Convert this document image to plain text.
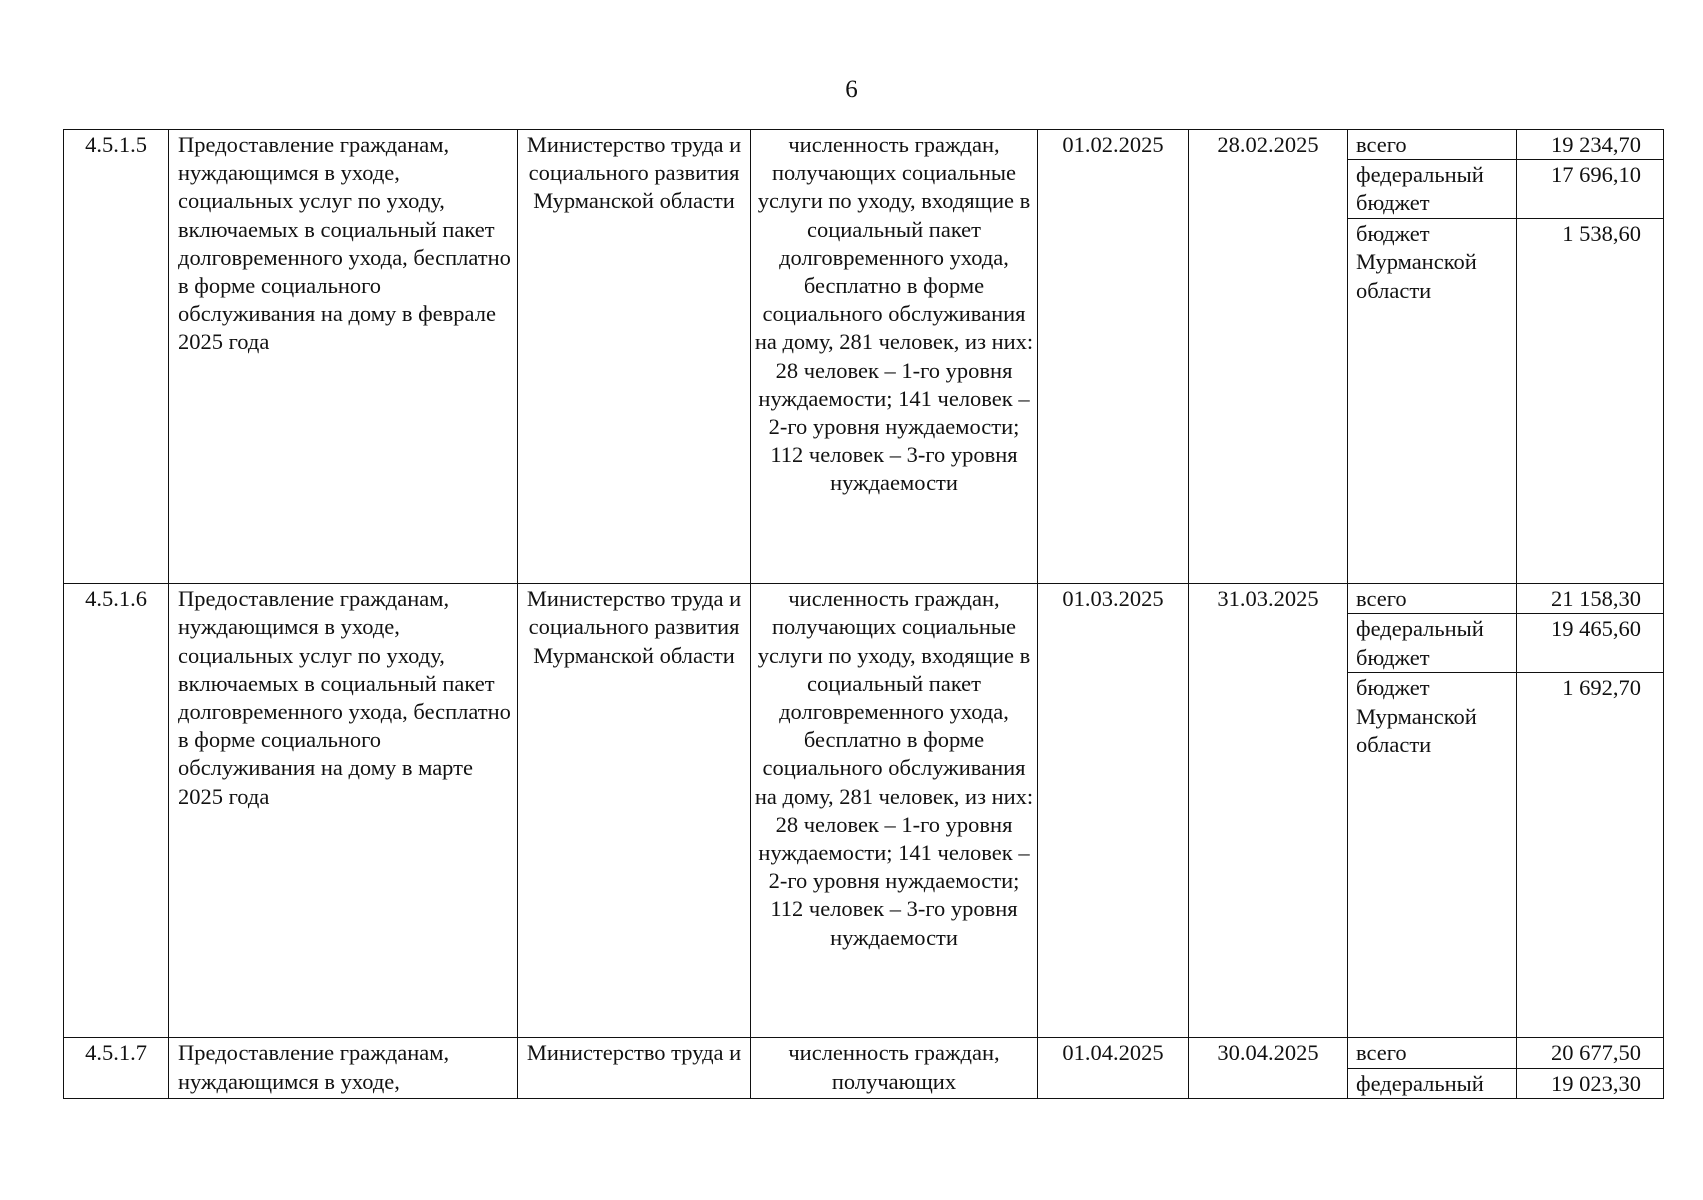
6
4.5.1.5	Предоставление гражданам, нуждающимся в уходе, социальных услуг по уходу, включаемых в социальный пакет долговременного ухода, бесплатно в форме социального обслуживания на дому в феврале 2025 года	Министерство труда и социального развития Мурманской области	численность граждан, получающих социальные услуги по уходу, входящие в социальный пакет долговременного ухода, бесплатно в форме социального обслуживания на дому, 281 человек, из них: 28 человек – 1-го уровня нуждаемости; 141 человек – 2-го уровня нуждаемости; 112 человек – 3-го уровня нуждаемости	01.02.2025	28.02.2025	всего	19 234,70
						федеральный бюджет	17 696,10
						бюджет Мурманской области	1 538,60
4.5.1.6	Предоставление гражданам, нуждающимся в уходе, социальных услуг по уходу, включаемых в социальный пакет долговременного ухода, бесплатно в форме социального обслуживания на дому в марте 2025 года	Министерство труда и социального развития Мурманской области	численность граждан, получающих социальные услуги по уходу, входящие в социальный пакет долговременного ухода, бесплатно в форме социального обслуживания на дому, 281 человек, из них: 28 человек – 1-го уровня нуждаемости; 141 человек – 2-го уровня нуждаемости; 112 человек – 3-го уровня нуждаемости	01.03.2025	31.03.2025	всего	21 158,30
						федеральный бюджет	19 465,60
						бюджет Мурманской области	1 692,70
4.5.1.7	Предоставление гражданам, нуждающимся в уходе,	Министерство труда и	численность граждан, получающих	01.04.2025	30.04.2025	всего	20 677,50
						федеральный	19 023,30
